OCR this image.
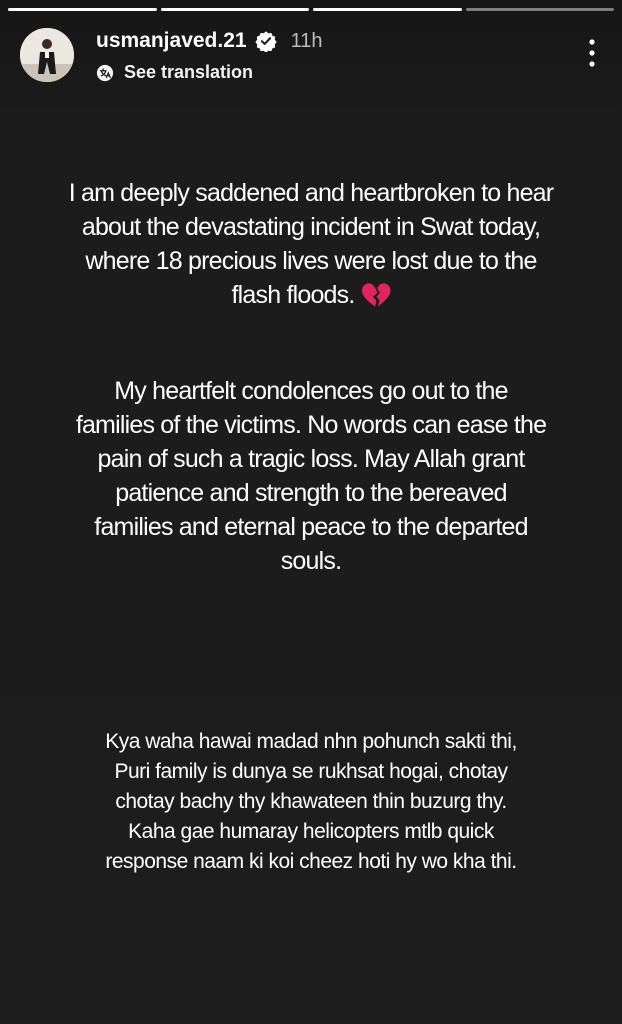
usmanjaved.21 11h
See translation
I am deeply saddened and heartbroken to hear
about the devastating incident in Swat today,
where 18 precious lives were lost due to the
flash floods.
My heartfelt condolences go out to the
families of the victims. No words can ease the
pain of such a tragic loss. May Allah grant
patience and strength to the bereaved
families and eternal peace to the departed
souls.
Kya waha hawai madad nhn pohunch sakti thi,
Puri family is dunya se rukhsat hogai, chotay
chotay bachy thy khawateen thin buzurg thy.
Kaha gae humaray helicopters mtlb quick
response naam ki koi cheez hoti hy wo kha thi.
